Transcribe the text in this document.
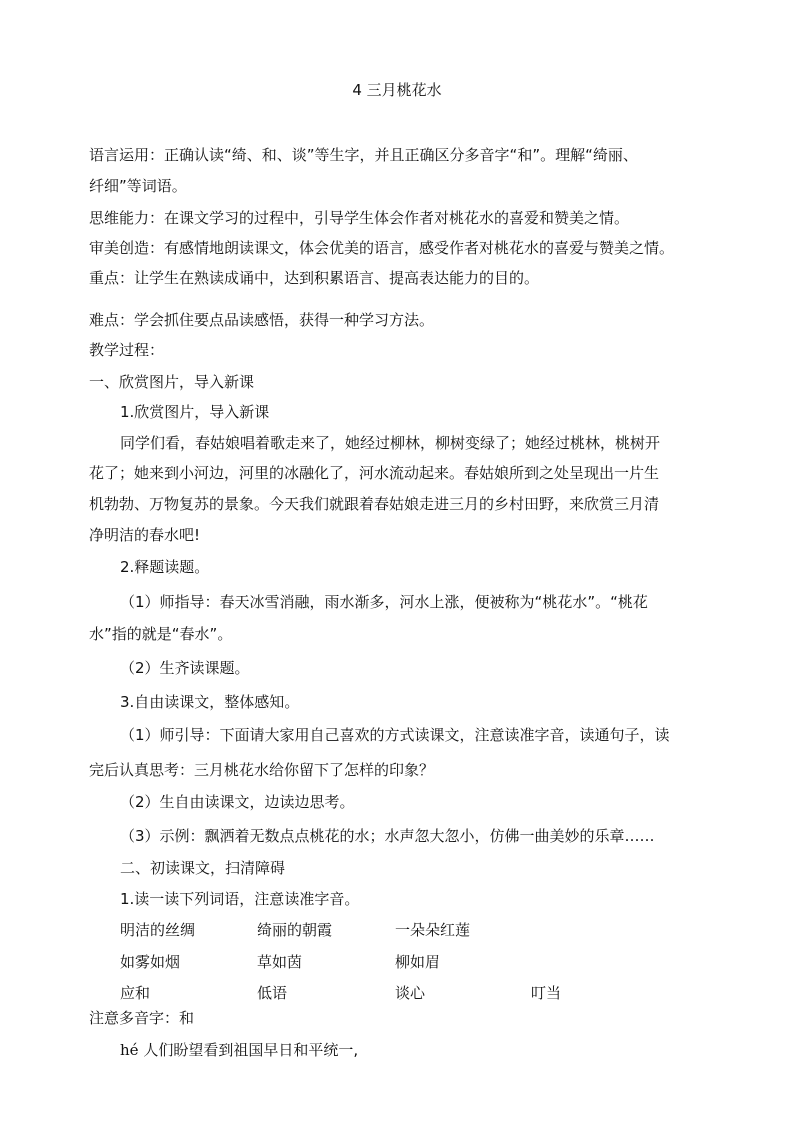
4 三月桃花水
语言运用：正确认读“绮、和、谈”等生字，并且正确区分多音字“和”。理解“绮丽、
纤细”等词语。
思维能力：在课文学习的过程中，引导学生体会作者对桃花水的喜爱和赞美之情。
审美创造：有感情地朗读课文，体会优美的语言，感受作者对桃花水的喜爱与赞美之情。
重点：让学生在熟读成诵中，达到积累语言、提高表达能力的目的。
难点：学会抓住要点品读感悟，获得一种学习方法。
教学过程：
一、欣赏图片，导入新课
1.欣赏图片，导入新课
同学们看，春姑娘唱着歌走来了，她经过柳林，柳树变绿了；她经过桃林，桃树开
花了；她来到小河边，河里的冰融化了，河水流动起来。春姑娘所到之处呈现出一片生
机勃勃、万物复苏的景象。今天我们就跟着春姑娘走进三月的乡村田野，来欣赏三月清
净明洁的春水吧!
2.释题读题。
（1）师指导：春天冰雪消融，雨水渐多，河水上涨，便被称为“桃花水”。“桃花
水”指的就是“春水”。
（2）生齐读课题。
3.自由读课文，整体感知。
（1）师引导：下面请大家用自己喜欢的方式读课文，注意读准字音，读通句子，读
完后认真思考：三月桃花水给你留下了怎样的印象？
（2）生自由读课文，边读边思考。
（3）示例：飘洒着无数点点桃花的水；水声忽大忽小，仿佛一曲美妙的乐章……
二、初读课文，扫清障碍
1.读一读下列词语，注意读准字音。
明洁的丝绸	绮丽的朝霞	一朵朵红莲
如雾如烟	草如茵	柳如眉
应和	低语	谈心	叮当
注意多音字：和
hé 人们盼望看到祖国早日和平统一,
